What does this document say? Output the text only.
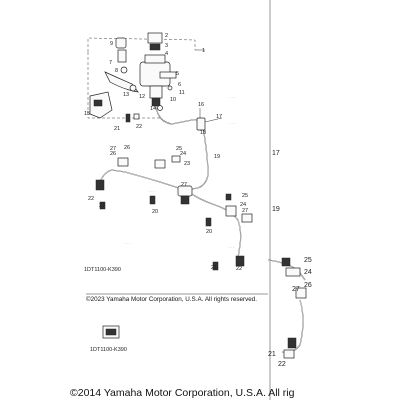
~ ~ ~
~ ~ ~
~ ~ ~
~ ~ ~
~ ~ ~
1
2
3
4
5
6
7
8
9
10
11
12
13
14
15
16
17
18
19
20
20
21
21
21
22
22
22
23
24
24
25
25
26
26
27
27
27
17
19
25
24
27
26
21
22
1DT1100-K390
1DT1100-K390
©2023 Yamaha Motor Corporation, U.S.A. All rights reserved.
©2014 Yamaha Motor Corporation, U.S.A. All rig
